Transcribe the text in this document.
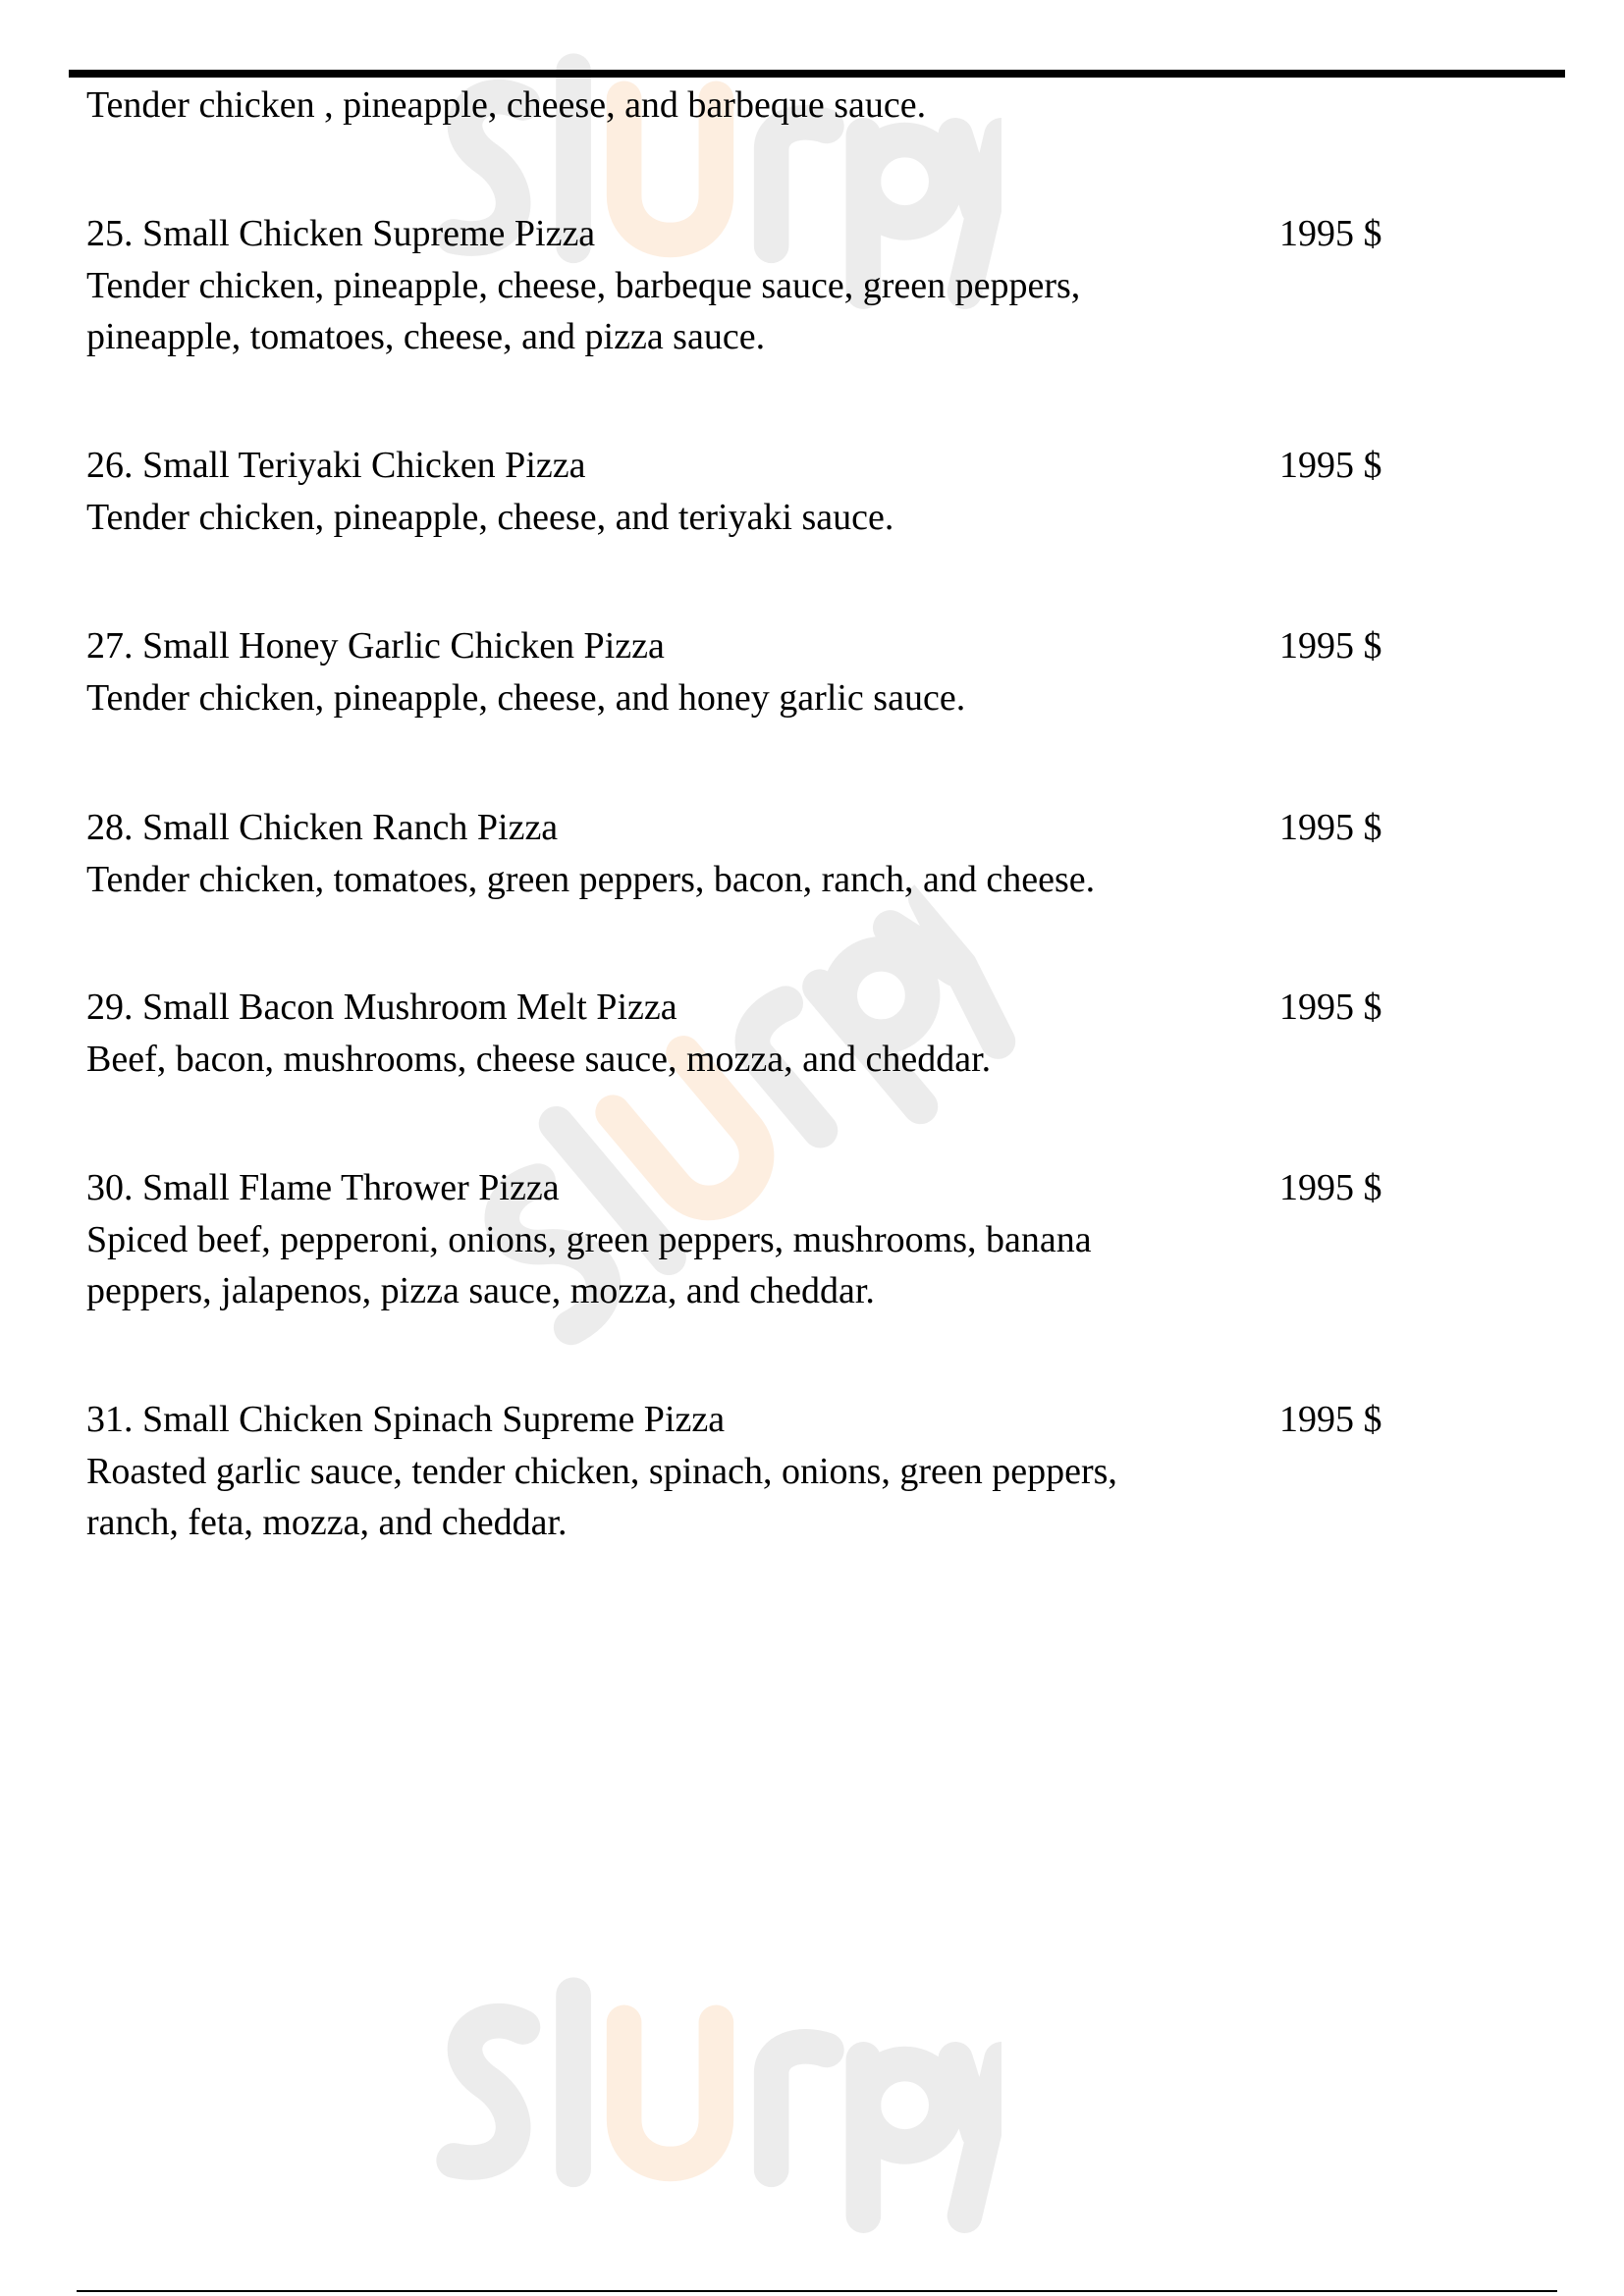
Tender chicken , pineapple, cheese, and barbeque sauce.
25. Small Chicken Supreme Pizza	1995 $
Tender chicken, pineapple, cheese, barbeque sauce, green peppers,
pineapple, tomatoes, cheese, and pizza sauce.
26. Small Teriyaki Chicken Pizza	1995 $
Tender chicken, pineapple, cheese, and teriyaki sauce.
27. Small Honey Garlic Chicken Pizza	1995 $
Tender chicken, pineapple, cheese, and honey garlic sauce.
28. Small Chicken Ranch Pizza	1995 $
Tender chicken, tomatoes, green peppers, bacon, ranch, and cheese.
29. Small Bacon Mushroom Melt Pizza	1995 $
Beef, bacon, mushrooms, cheese sauce, mozza, and cheddar.
30. Small Flame Thrower Pizza	1995 $
Spiced beef, pepperoni, onions, green peppers, mushrooms, banana
peppers, jalapenos, pizza sauce, mozza, and cheddar.
31. Small Chicken Spinach Supreme Pizza	1995 $
Roasted garlic sauce, tender chicken, spinach, onions, green peppers,
ranch, feta, mozza, and cheddar.
